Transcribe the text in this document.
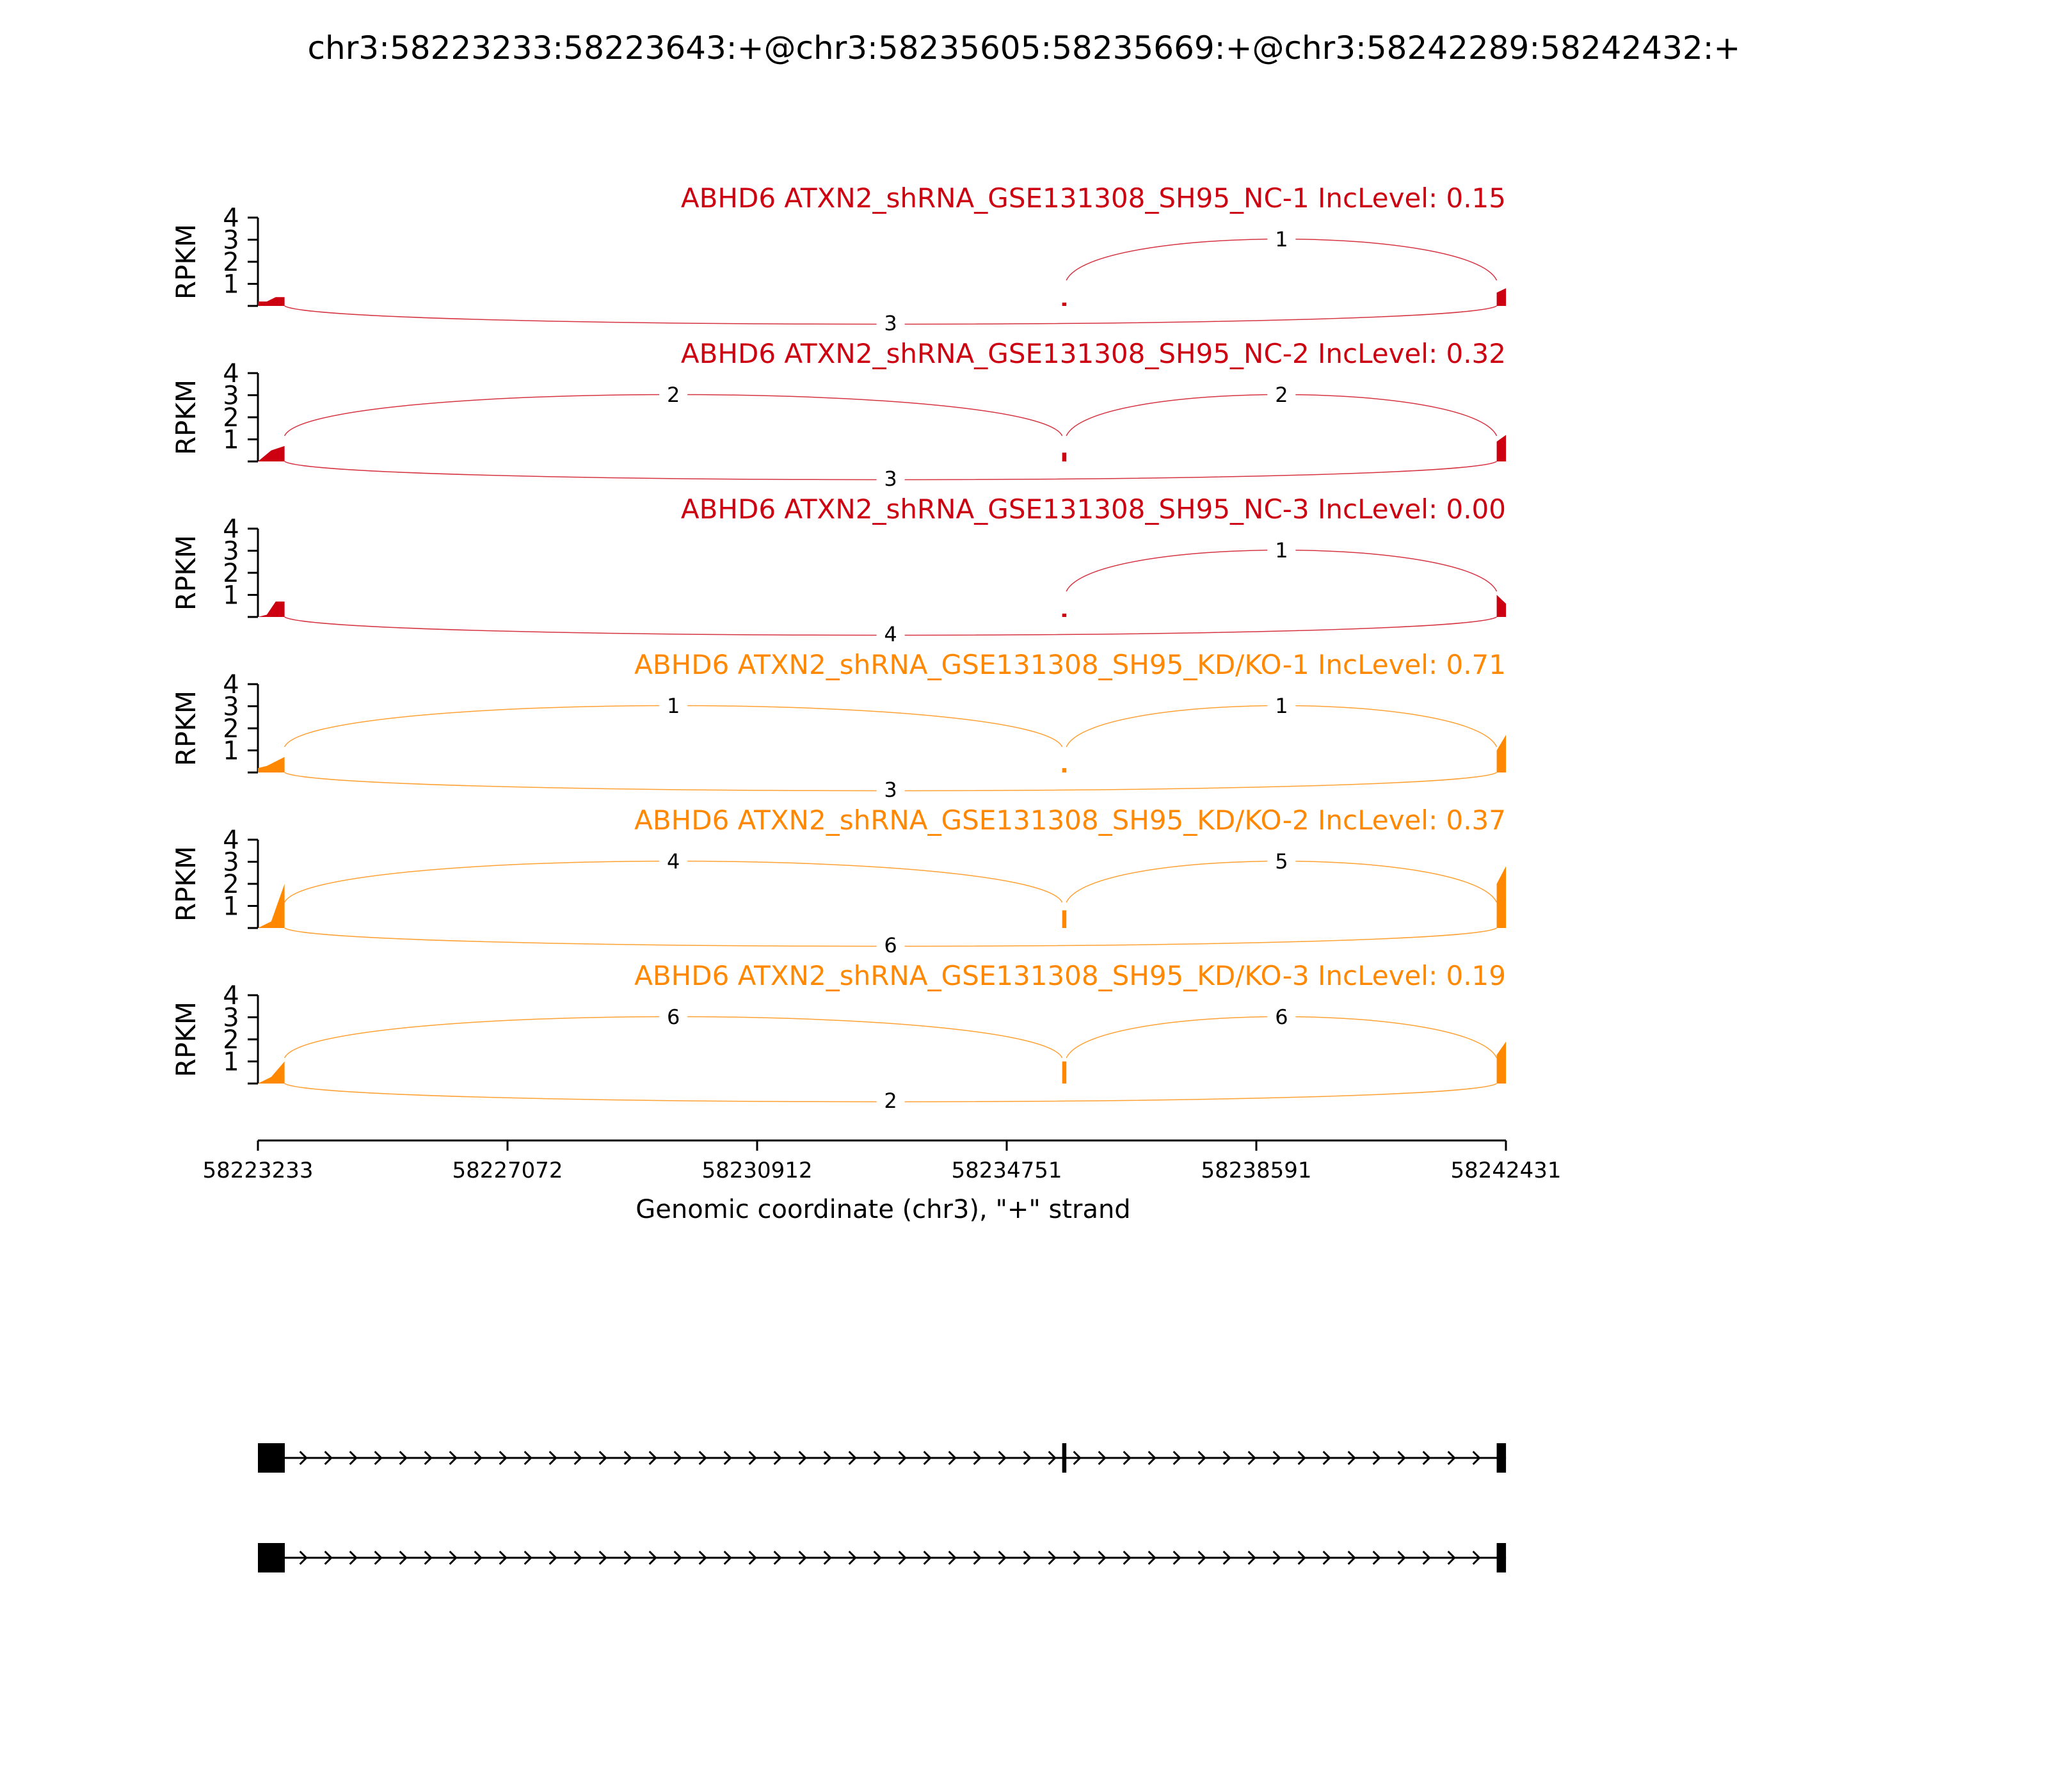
chr3:58223233:58223643:+@chr3:58235605:58235669:+@chr3:58242289:58242432:+
1
2
3
4
RPKM
ABHD6 ATXN2_shRNA_GSE131308_SH95_NC-1 IncLevel: 0.15
1
3
1
2
3
4
RPKM
ABHD6 ATXN2_shRNA_GSE131308_SH95_NC-2 IncLevel: 0.32
2	2
3
1
2
3
4
RPKM
ABHD6 ATXN2_shRNA_GSE131308_SH95_NC-3 IncLevel: 0.00
1
4
1
2
3
4
RPKM
ABHD6 ATXN2_shRNA_GSE131308_SH95_KD/KO-1 IncLevel: 0.71
1	1
3
1
2
3
4
RPKM
ABHD6 ATXN2_shRNA_GSE131308_SH95_KD/KO-2 IncLevel: 0.37
4	5
6
1
2
3
4
RPKM
ABHD6 ATXN2_shRNA_GSE131308_SH95_KD/KO-3 IncLevel: 0.19
6	6
2
58223233	58227072	58230912	58234751	58238591	58242431
Genomic coordinate (chr3), "+" strand
